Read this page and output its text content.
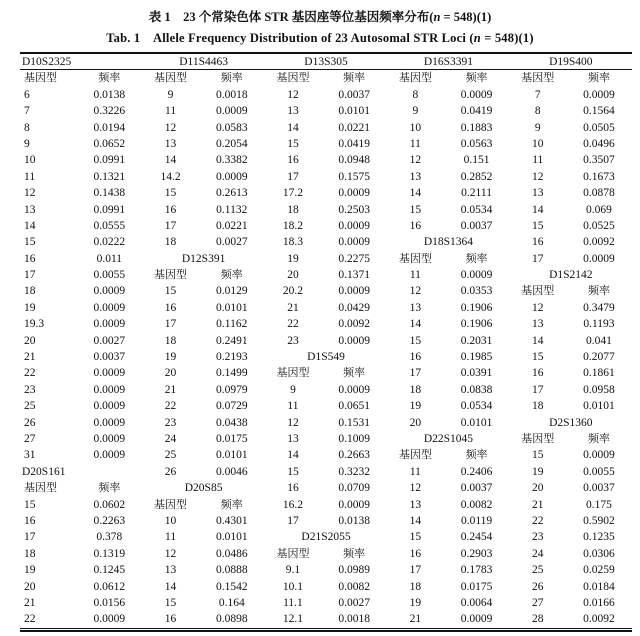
表 1　23 个常染色体 STR 基因座等位基因频率分布(n = 548)(1)
Tab. 1　Allele Frequency Distribution of 23 Autosomal STR Loci (n = 548)(1)
D10S2325	D11S4463	D13S305	D16S3391	D19S400
基因型	频率	基因型	频率	基因型	频率	基因型	频率	基因型	频率
6	0.0138	9	0.0018	12	0.0037	8	0.0009	7	0.0009
7	0.3226	11	0.0009	13	0.0101	9	0.0419	8	0.1564
8	0.0194	12	0.0583	14	0.0221	10	0.1883	9	0.0505
9	0.0652	13	0.2054	15	0.0419	11	0.0563	10	0.0496
10	0.0991	14	0.3382	16	0.0948	12	0.151	11	0.3507
11	0.1321	14.2	0.0009	17	0.1575	13	0.2852	12	0.1673
12	0.1438	15	0.2613	17.2	0.0009	14	0.2111	13	0.0878
13	0.0991	16	0.1132	18	0.2503	15	0.0534	14	0.069
14	0.0555	17	0.0221	18.2	0.0009	16	0.0037	15	0.0525
15	0.0222	18	0.0027	18.3	0.0009	D18S1364	16	0.0092
16	0.011	D12S391	19	0.2275	基因型	频率	17	0.0009
17	0.0055	基因型	频率	20	0.1371	11	0.0009	D1S2142
18	0.0009	15	0.0129	20.2	0.0009	12	0.0353	基因型	频率
19	0.0009	16	0.0101	21	0.0429	13	0.1906	12	0.3479
19.3	0.0009	17	0.1162	22	0.0092	14	0.1906	13	0.1193
20	0.0027	18	0.2491	23	0.0009	15	0.2031	14	0.041
21	0.0037	19	0.2193	D1S549	16	0.1985	15	0.2077
22	0.0009	20	0.1499	基因型	频率	17	0.0391	16	0.1861
23	0.0009	21	0.0979	9	0.0009	18	0.0838	17	0.0958
25	0.0009	22	0.0729	11	0.0651	19	0.0534	18	0.0101
26	0.0009	23	0.0438	12	0.1531	20	0.0101	D2S1360
27	0.0009	24	0.0175	13	0.1009	D22S1045	基因型	频率
31	0.0009	25	0.0101	14	0.2663	基因型	频率	15	0.0009
D20S161	26	0.0046	15	0.3232	11	0.2406	19	0.0055
基因型	频率	D20S85	16	0.0709	12	0.0037	20	0.0037
15	0.0602	基因型	频率	16.2	0.0009	13	0.0082	21	0.175
16	0.2263	10	0.4301	17	0.0138	14	0.0119	22	0.5902
17	0.378	11	0.0101	D21S2055	15	0.2454	23	0.1235
18	0.1319	12	0.0486	基因型	频率	16	0.2903	24	0.0306
19	0.1245	13	0.0888	9.1	0.0989	17	0.1783	25	0.0259
20	0.0612	14	0.1542	10.1	0.0082	18	0.0175	26	0.0184
21	0.0156	15	0.164	11.1	0.0027	19	0.0064	27	0.0166
22	0.0009	16	0.0898	12.1	0.0018	21	0.0009	28	0.0092
